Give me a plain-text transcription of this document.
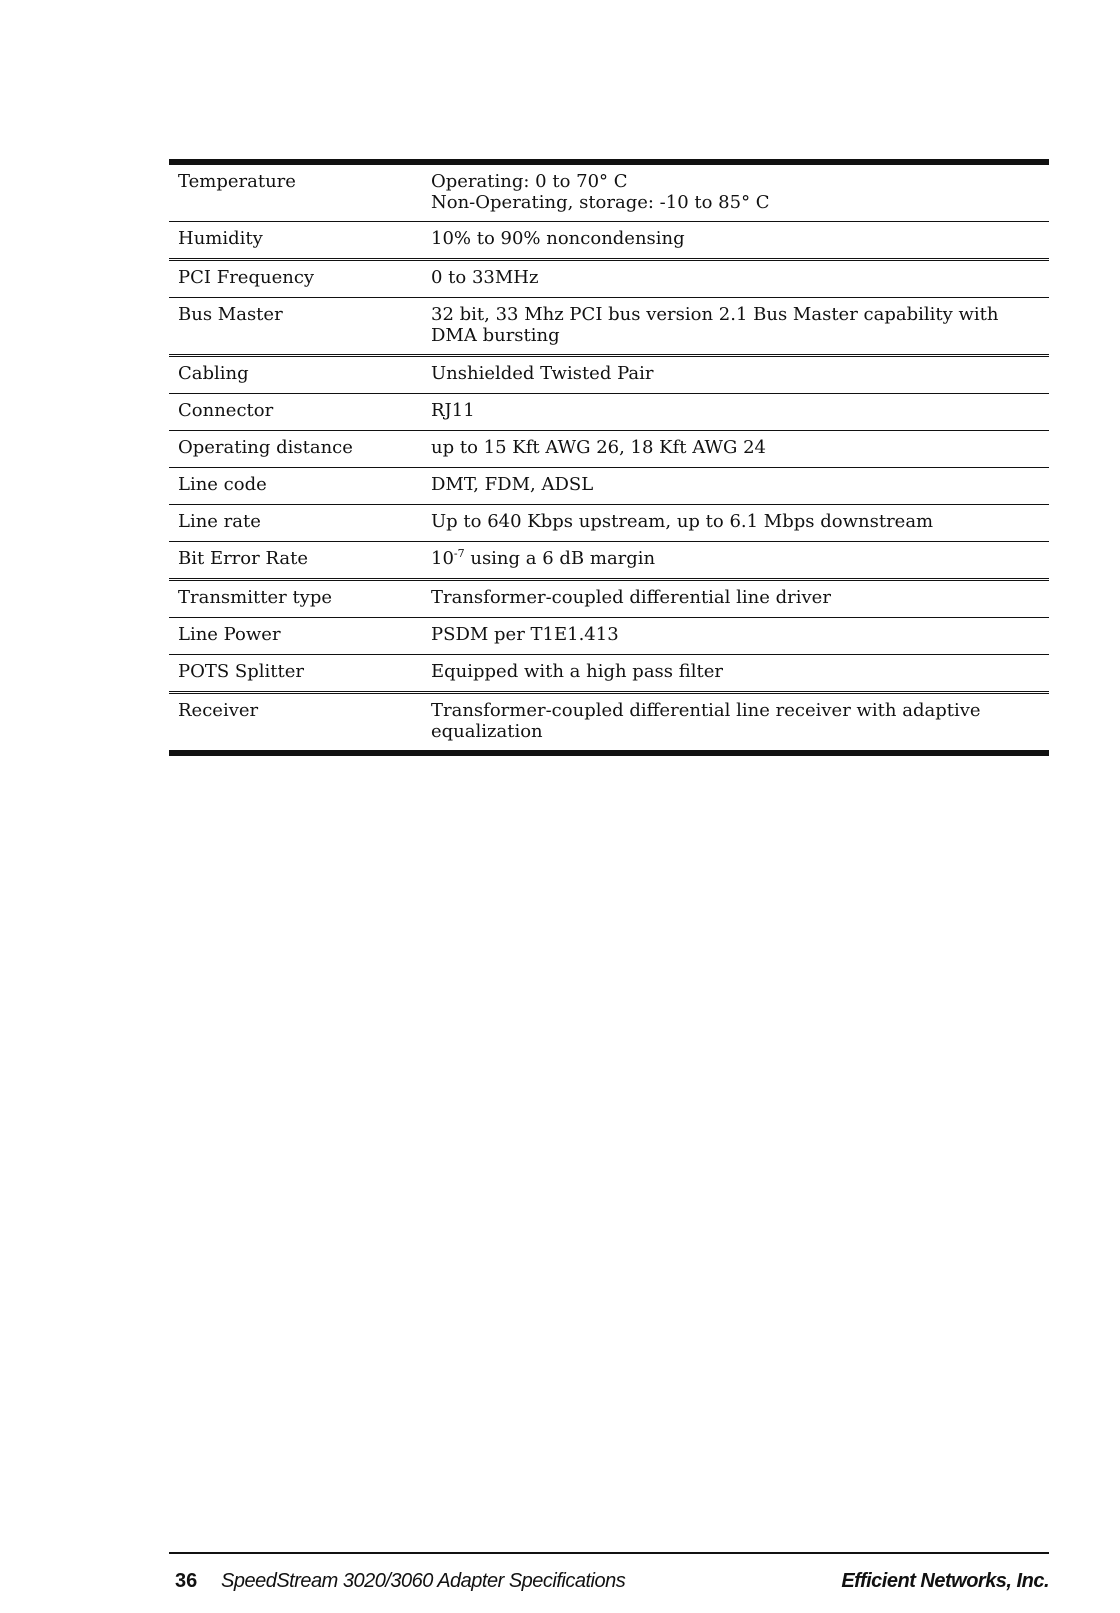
Temperature	Operating: 0 to 70° C
Non-Operating, storage: -10 to 85° C
Humidity	10% to 90% noncondensing
PCI Frequency	0 to 33MHz
Bus Master	32 bit, 33 Mhz PCI bus version 2.1 Bus Master capability with
DMA bursting
Cabling	Unshielded Twisted Pair
Connector	RJ11
Operating distance	up to 15 Kft AWG 26, 18 Kft AWG 24
Line code	DMT, FDM, ADSL
Line rate	Up to 640 Kbps upstream, up to 6.1 Mbps downstream
Bit Error Rate	$10^{-7}$ using a 6 dB margin
Transmitter type	Transformer-coupled differential line driver
Line Power	PSDM per T1E1.413
POTS Splitter	Equipped with a high pass filter
Receiver	Transformer-coupled differential line receiver with adaptive
equalization
36 SpeedStream 3020/3060 Adapter Specifications	Efficient Networks, Inc.
